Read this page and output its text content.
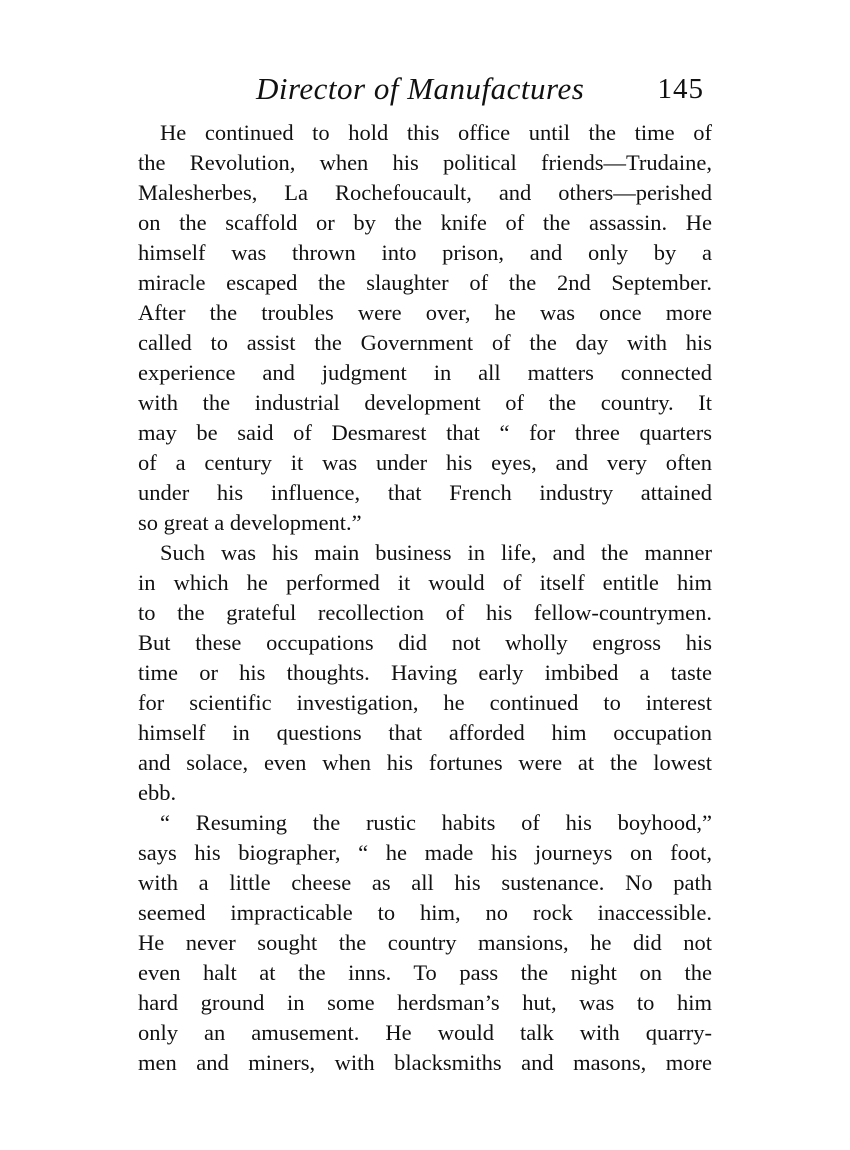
Director of Manufactures	145
He continued to hold this office until the time of
the Revolution, when his political friends—Trudaine,
Malesherbes, La Rochefoucault, and others—perished
on the scaffold or by the knife of the assassin. He
himself was thrown into prison, and only by a
miracle escaped the slaughter of the 2nd September.
After the troubles were over, he was once more
called to assist the Government of the day with his
experience and judgment in all matters connected
with the industrial development of the country. It
may be said of Desmarest that “ for three quarters
of a century it was under his eyes, and very often
under his influence, that French industry attained
so great a development.”
Such was his main business in life, and the manner
in which he performed it would of itself entitle him
to the grateful recollection of his fellow-countrymen.
But these occupations did not wholly engross his
time or his thoughts. Having early imbibed a taste
for scientific investigation, he continued to interest
himself in questions that afforded him occupation
and solace, even when his fortunes were at the lowest
ebb.
“ Resuming the rustic habits of his boyhood,”
says his biographer, “ he made his journeys on foot,
with a little cheese as all his sustenance. No path
seemed impracticable to him, no rock inaccessible.
He never sought the country mansions, he did not
even halt at the inns. To pass the night on the
hard ground in some herdsman’s hut, was to him
only an amusement. He would talk with quarry-
men and miners, with blacksmiths and masons, more
